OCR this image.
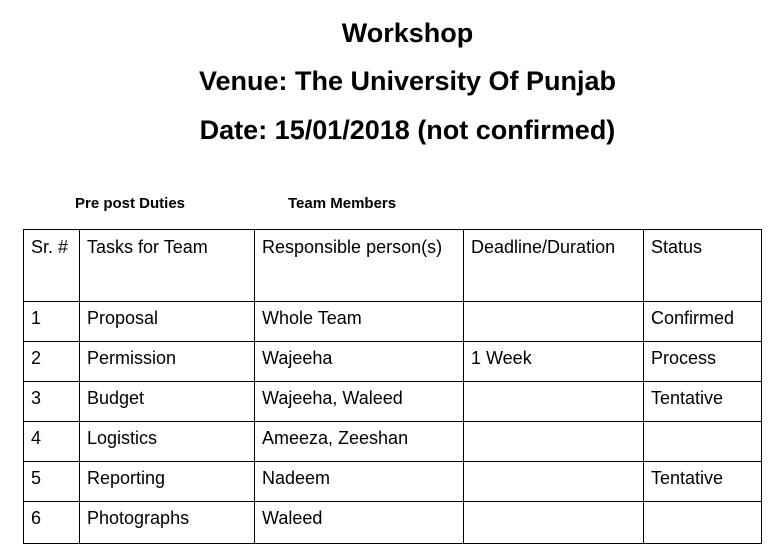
Workshop
Venue: The University Of Punjab
Date: 15/01/2018 (not confirmed)
Pre post Duties	Team Members
Sr. #	Tasks for Team	Responsible person(s)	Deadline/Duration	Status
1	Proposal	Whole Team		Confirmed
2	Permission	Wajeeha	1 Week	Process
3	Budget	Wajeeha, Waleed		Tentative
4	Logistics	Ameeza, Zeeshan		
5	Reporting	Nadeem		Tentative
6	Photographs	Waleed		
